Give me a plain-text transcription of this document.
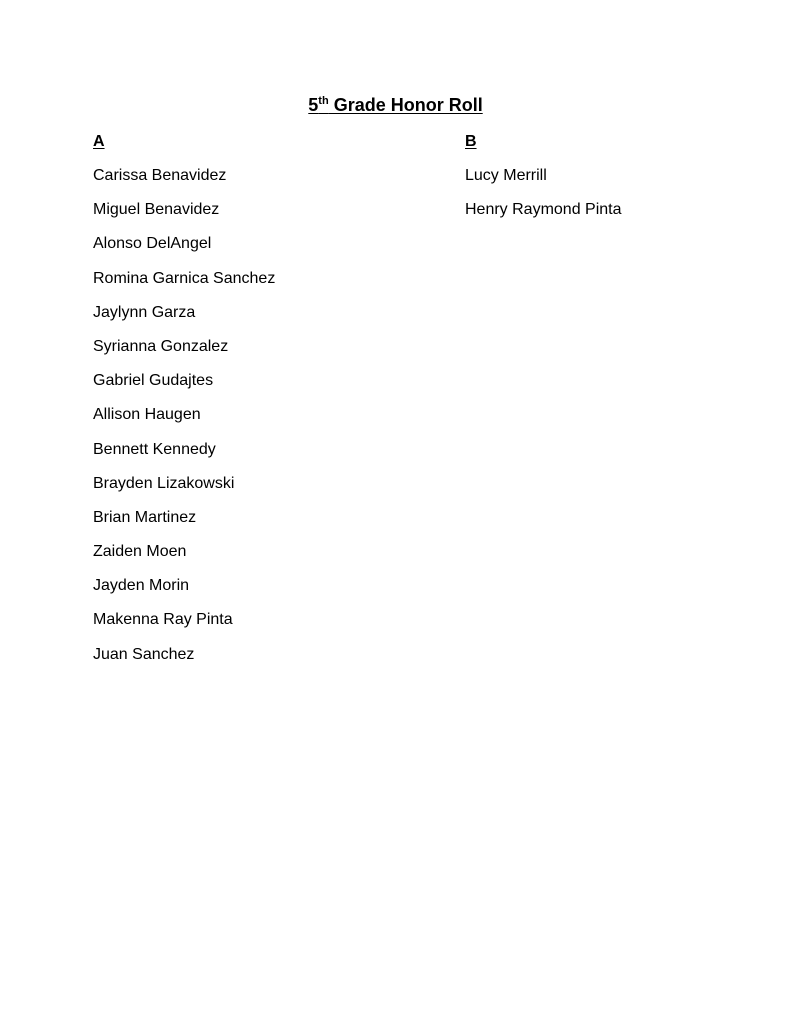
5th Grade Honor Roll
A
Carissa Benavidez
Miguel Benavidez
Alonso DelAngel
Romina Garnica Sanchez
Jaylynn Garza
Syrianna Gonzalez
Gabriel Gudajtes
Allison Haugen
Bennett Kennedy
Brayden Lizakowski
Brian Martinez
Zaiden Moen
Jayden Morin
Makenna Ray Pinta
Juan Sanchez
B
Lucy Merrill
Henry Raymond Pinta
